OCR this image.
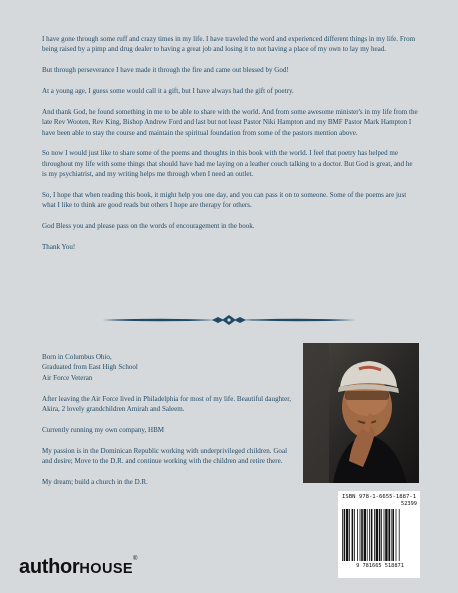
I have gone through some ruff and crazy times in my life. I have traveled the word and experienced different things in my life. From being raised by a pimp and drug dealer to having a great job and losing it to not having a place of my own to lay my head.

But through perseverance I have made it through the fire and came out blessed by God!

At a young age, I guess some would call it a gift, but I have always had the gift of poetry.

And thank God, he found something in me to be able to share with the world. And from some awesome minister's in my life from the late Rev Wooten, Rev King, Bishop Andrew Ford and last but not least Pastor Niki Hampton and my BMF Pastor Mark Hampton I have been able to stay the course and maintain the spiritual foundation from some of the pastors mention above.

So now I would just like to share some of the poems and thoughts in this book with the world. I feel that poetry has helped me throughout my life with some things that should have had me laying on a leather couch talking to a doctor. But God is great, and he is my psychiatrist, and my writing helps me through when I need an outlet.

So, I hope that when reading this book, it might help you one day, and you can pass it on to someone. Some of the poems are just what I like to think are good reads but others I hope are therapy for others.

God Bless you and please pass on the words of encouragement in the book.

Thank You!

Born in Columbus Ohio,
Graduated from East High School
Air Force Veteran

After leaving the Air Force lived in Philadelphia for most of my life. Beautiful daughter, Akira, 2 lovely grandchildren Amirah and Saleem.

Currently running my own company, HBM

My passion is in the Dominican Republic working with underprivileged children. Goal and desire; Move to the D.R. and continue working with the children and retire there.

My dream; build a church in the D.R.

ISBN 978-1-6655-1887-1
52399
9 781665 518871
authorHOUSE®
